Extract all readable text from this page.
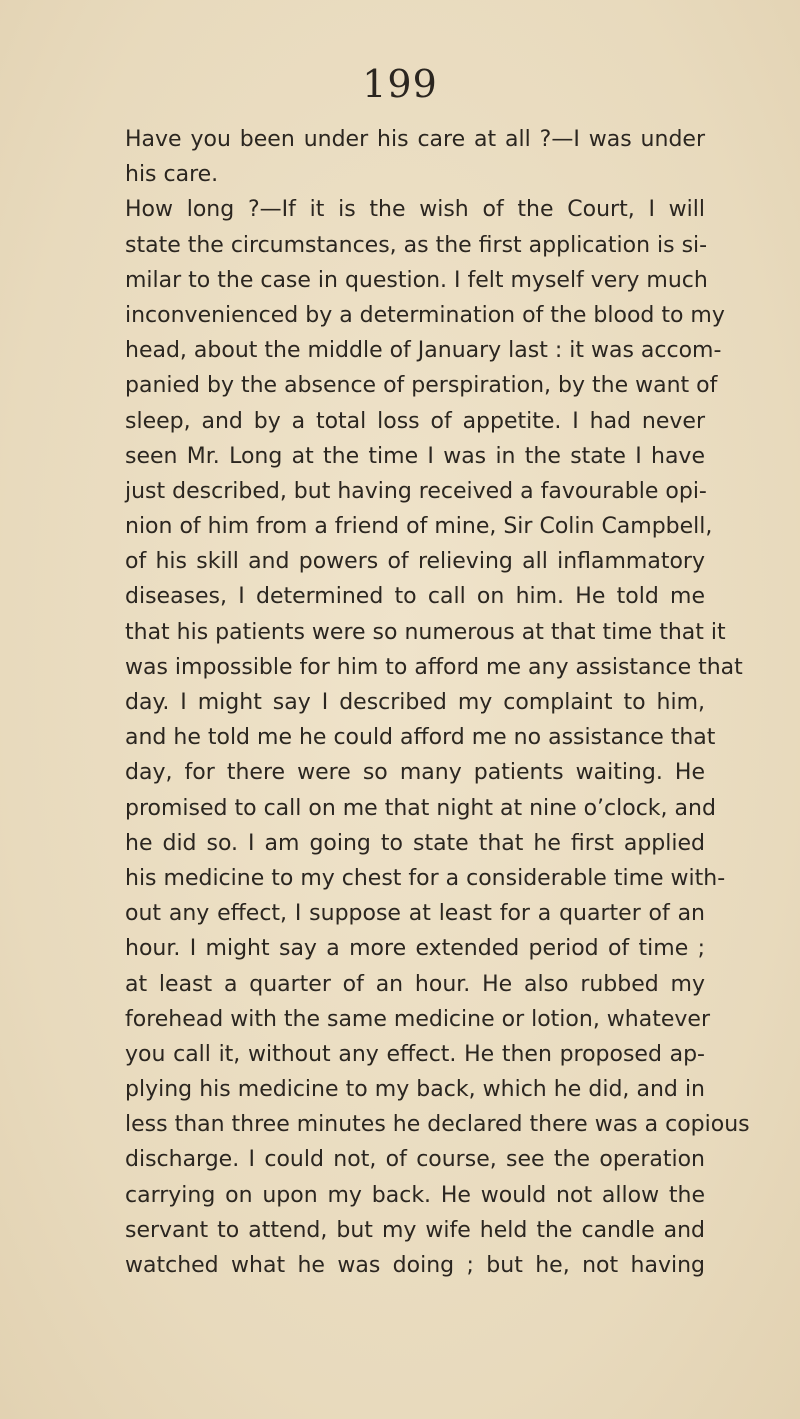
199
Have you been under his care at all ?—I was under
his care.
How long ?—If it is the wish of the Court, I will
state the circumstances, as the first application is si-
milar to the case in question. I felt myself very much
inconvenienced by a determination of the blood to my
head, about the middle of January last : it was accom-
panied by the absence of perspiration, by the want of
sleep, and by a total loss of appetite. I had never
seen Mr. Long at the time I was in the state I have
just described, but having received a favourable opi-
nion of him from a friend of mine, Sir Colin Campbell,
of his skill and powers of relieving all inflammatory
diseases, I determined to call on him. He told me
that his patients were so numerous at that time that it
was impossible for him to afford me any assistance that
day. I might say I described my complaint to him,
and he told me he could afford me no assistance that
day, for there were so many patients waiting. He
promised to call on me that night at nine o’clock, and
he did so. I am going to state that he first applied
his medicine to my chest for a considerable time with-
out any effect, I suppose at least for a quarter of an
hour. I might say a more extended period of time ;
at least a quarter of an hour. He also rubbed my
forehead with the same medicine or lotion, whatever
you call it, without any effect. He then proposed ap-
plying his medicine to my back, which he did, and in
less than three minutes he declared there was a copious
discharge. I could not, of course, see the operation
carrying on upon my back. He would not allow the
servant to attend, but my wife held the candle and
watched what he was doing ; but he, not having
